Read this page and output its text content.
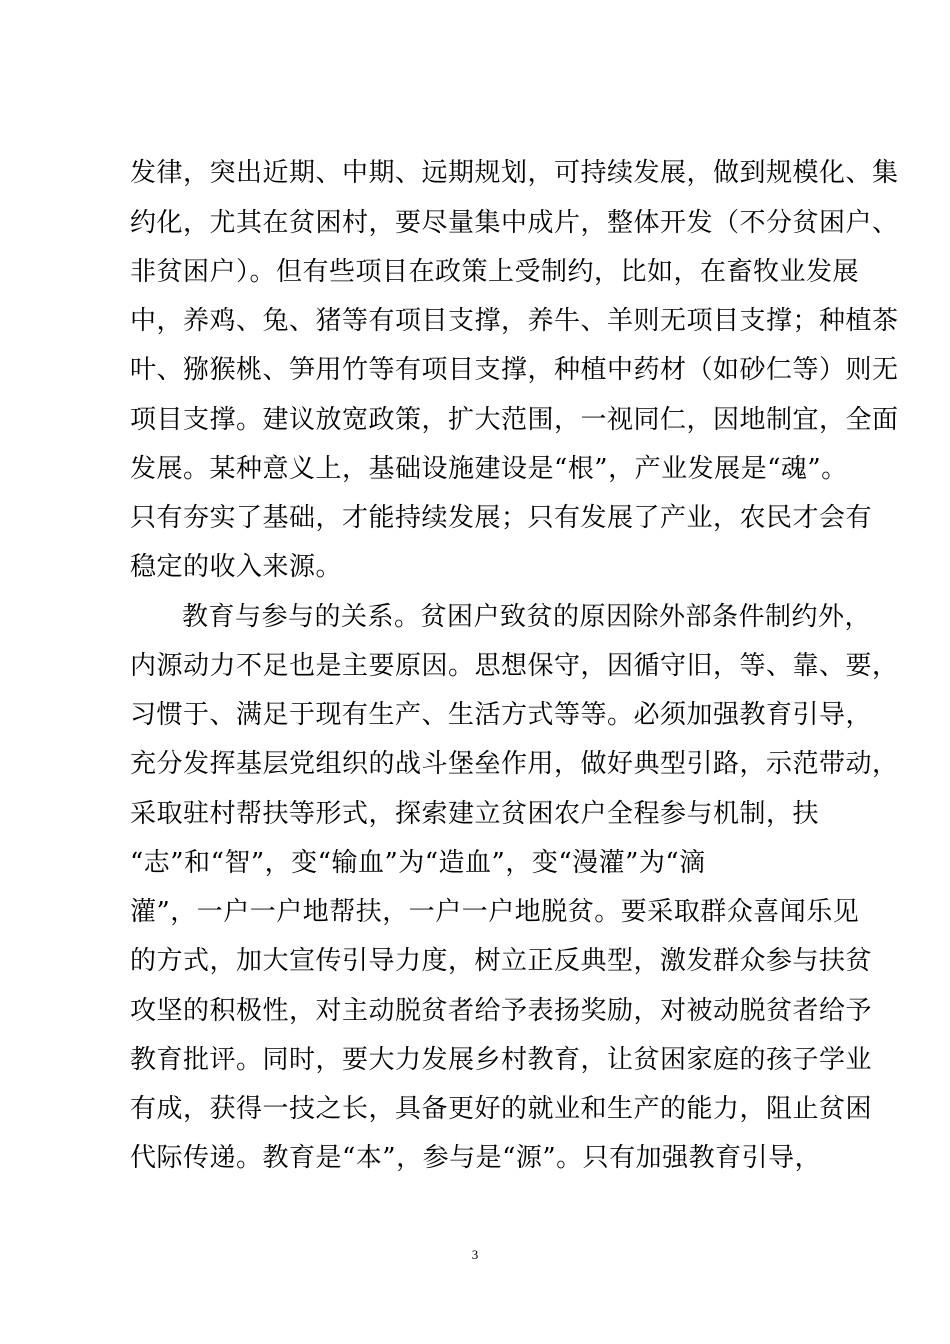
发律，突出近期、中期、远期规划，可持续发展，做到规模化、集
约化，尤其在贫困村，要尽量集中成片，整体开发（不分贫困户、
非贫困户）。但有些项目在政策上受制约，比如，在畜牧业发展
中，养鸡、兔、猪等有项目支撑，养牛、羊则无项目支撑；种植茶
叶、猕猴桃、笋用竹等有项目支撑，种植中药材（如砂仁等）则无
项目支撑。建议放宽政策，扩大范围，一视同仁，因地制宜，全面
发展。某种意义上，基础设施建设是“根”，产业发展是“魂”。
只有夯实了基础，才能持续发展；只有发展了产业，农民才会有
稳定的收入来源。
教育与参与的关系。贫困户致贫的原因除外部条件制约外，
内源动力不足也是主要原因。思想保守，因循守旧，等、靠、要，
习惯于、满足于现有生产、生活方式等等。必须加强教育引导，
充分发挥基层党组织的战斗堡垒作用，做好典型引路，示范带动，
采取驻村帮扶等形式，探索建立贫困农户全程参与机制，扶
“志”和“智”，变“输血”为“造血”，变“漫灌”为“滴
灌”，一户一户地帮扶，一户一户地脱贫。要采取群众喜闻乐见
的方式，加大宣传引导力度，树立正反典型，激发群众参与扶贫
攻坚的积极性，对主动脱贫者给予表扬奖励，对被动脱贫者给予
教育批评。同时，要大力发展乡村教育，让贫困家庭的孩子学业
有成，获得一技之长，具备更好的就业和生产的能力，阻止贫困
代际传递。教育是“本”，参与是“源”。只有加强教育引导，
3
